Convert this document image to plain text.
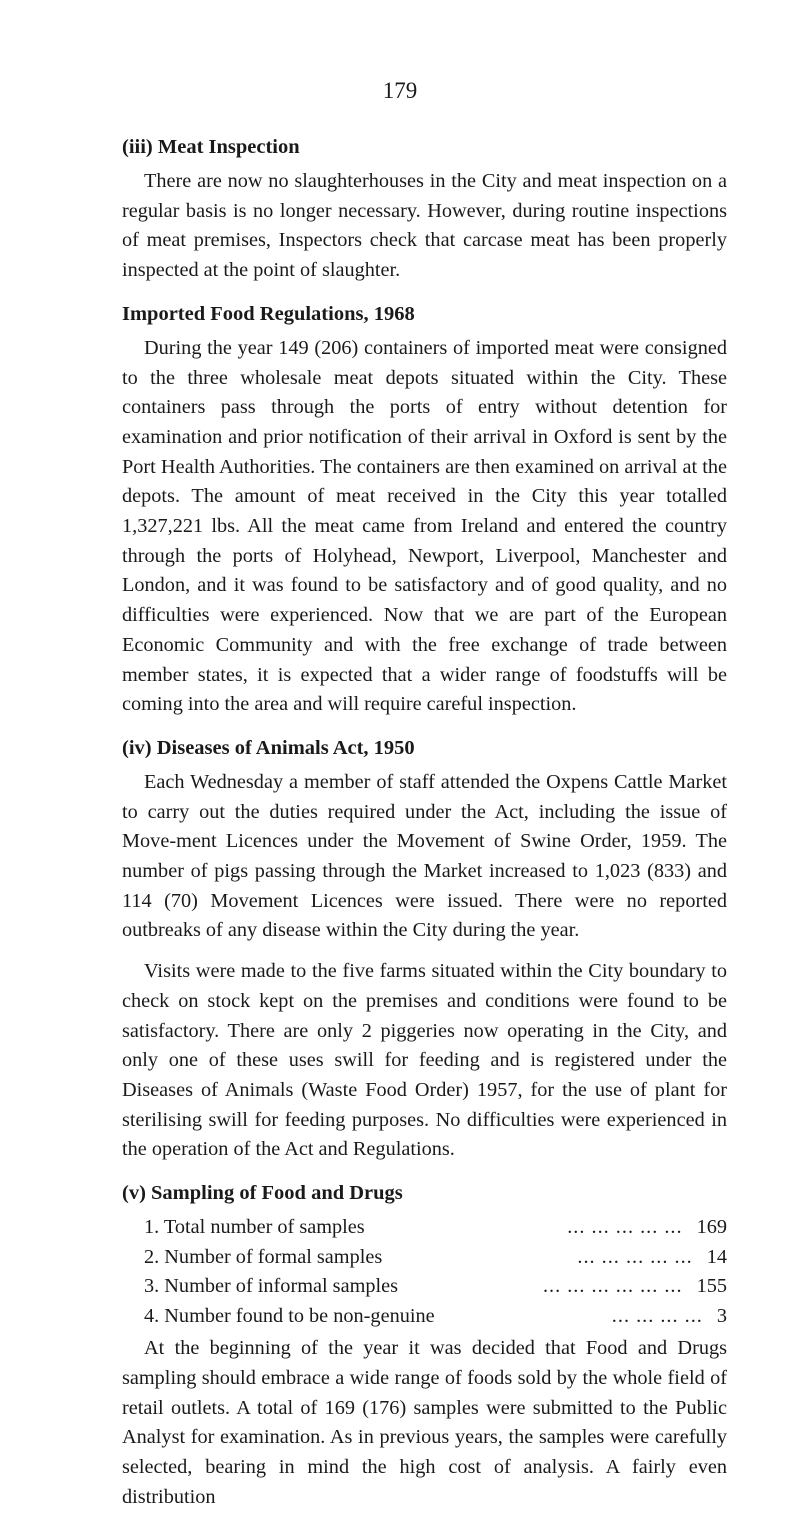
179
(iii) Meat Inspection

There are now no slaughterhouses in the City and meat inspection on a regular basis is no longer necessary. However, during routine inspections of meat premises, Inspectors check that carcase meat has been properly inspected at the point of slaughter.

Imported Food Regulations, 1968

During the year 149 (206) containers of imported meat were consigned to the three wholesale meat depots situated within the City. These containers pass through the ports of entry without detention for examination and prior notification of their arrival in Oxford is sent by the Port Health Authorities. The containers are then examined on arrival at the depots. The amount of meat received in the City this year totalled 1,327,221 lbs. All the meat came from Ireland and entered the country through the ports of Holyhead, Newport, Liverpool, Manchester and London, and it was found to be satisfactory and of good quality, and no difficulties were experienced. Now that we are part of the European Economic Community and with the free exchange of trade between member states, it is expected that a wider range of foodstuffs will be coming into the area and will require careful inspection.

(iv) Diseases of Animals Act, 1950

Each Wednesday a member of staff attended the Oxpens Cattle Market to carry out the duties required under the Act, including the issue of Move-ment Licences under the Movement of Swine Order, 1959. The number of pigs passing through the Market increased to 1,023 (833) and 114 (70) Movement Licences were issued. There were no reported outbreaks of any disease within the City during the year.

Visits were made to the five farms situated within the City boundary to check on stock kept on the premises and conditions were found to be satisfactory. There are only 2 piggeries now operating in the City, and only one of these uses swill for feeding and is registered under the Diseases of Animals (Waste Food Order) 1957, for the use of plant for sterilising swill for feeding purposes. No difficulties were experienced in the operation of the Act and Regulations.

(v) Sampling of Food and Drugs
1. Total number of samples	... ... ... ... ... 169
2. Number of formal samples	... ... ... ... ... 14
3. Number of informal samples	... ... ... ... ... ... 155
4. Number found to be non-genuine	... ... ... ... 3

At the beginning of the year it was decided that Food and Drugs sampling should embrace a wide range of foods sold by the whole field of retail outlets. A total of 169 (176) samples were submitted to the Public Analyst for examination. As in previous years, the samples were carefully selected, bearing in mind the high cost of analysis. A fairly even distribution
